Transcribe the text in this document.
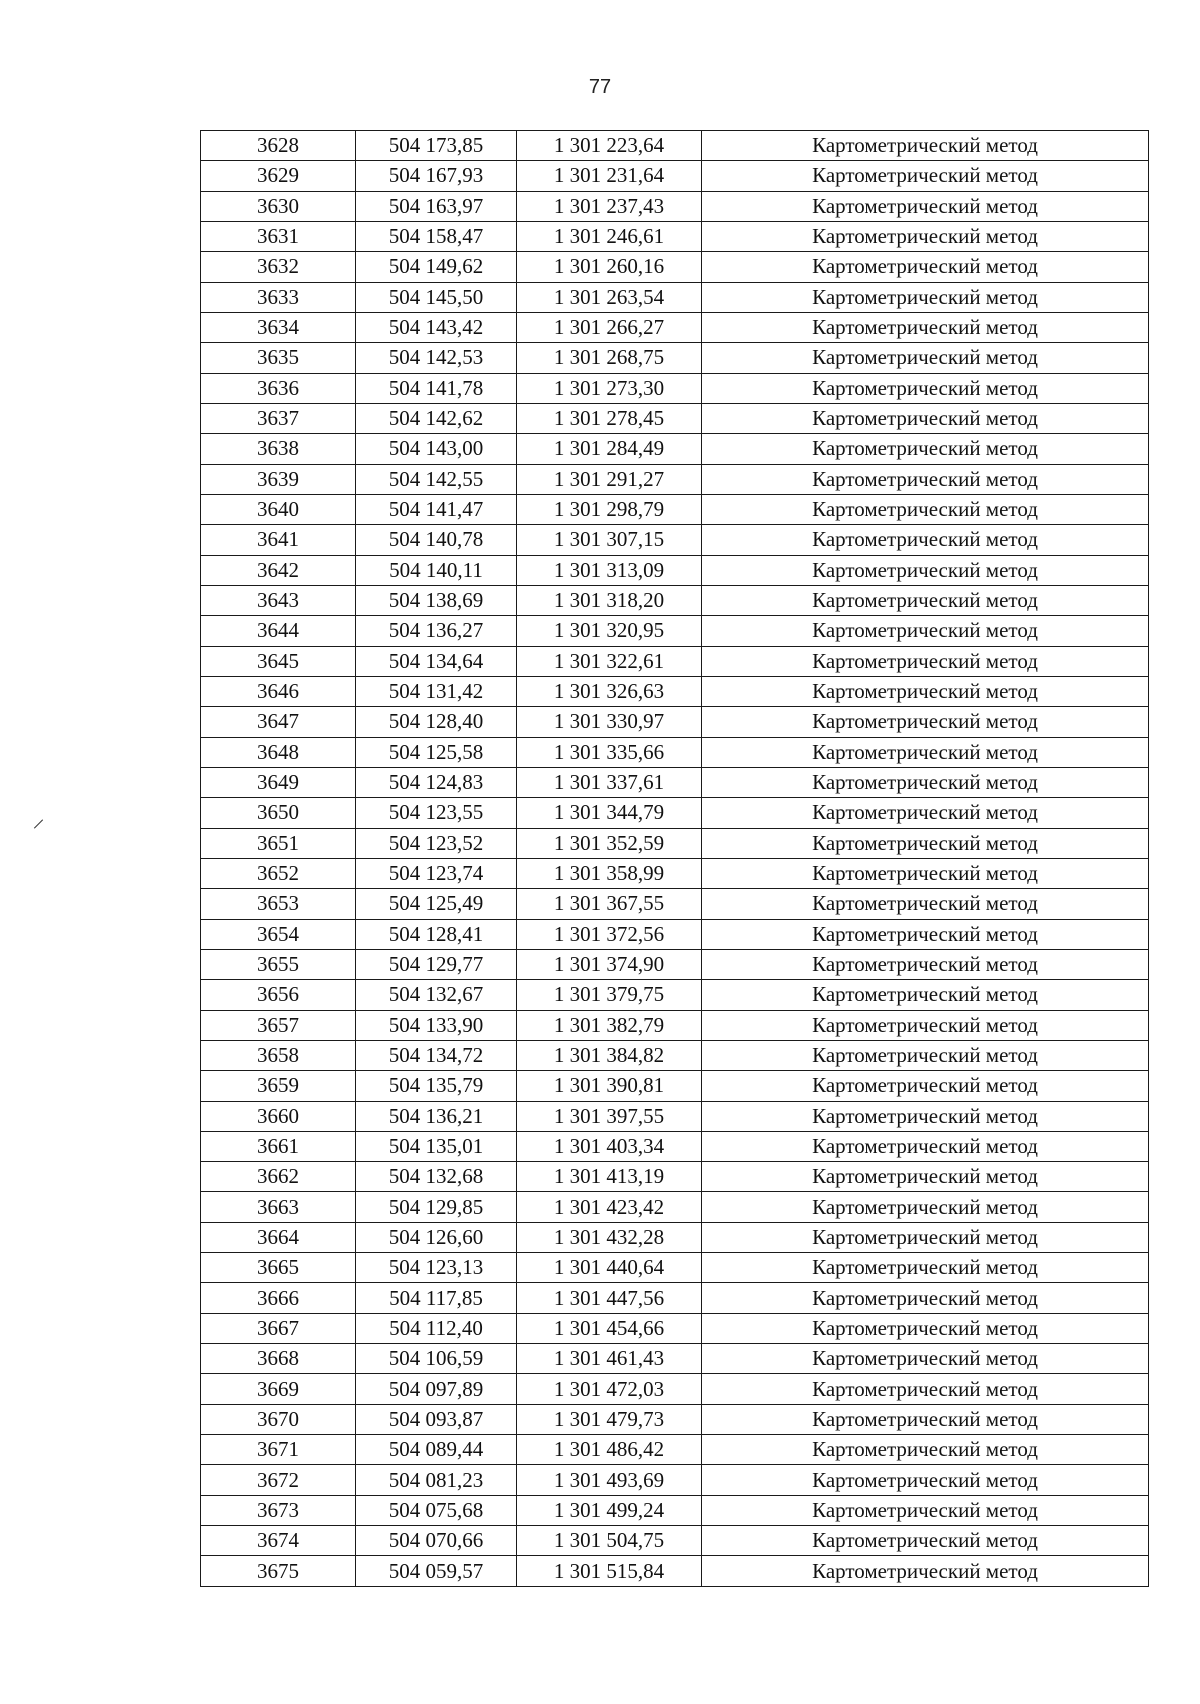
77
3628	504 173,85	1 301 223,64	Картометрический метод
3629	504 167,93	1 301 231,64	Картометрический метод
3630	504 163,97	1 301 237,43	Картометрический метод
3631	504 158,47	1 301 246,61	Картометрический метод
3632	504 149,62	1 301 260,16	Картометрический метод
3633	504 145,50	1 301 263,54	Картометрический метод
3634	504 143,42	1 301 266,27	Картометрический метод
3635	504 142,53	1 301 268,75	Картометрический метод
3636	504 141,78	1 301 273,30	Картометрический метод
3637	504 142,62	1 301 278,45	Картометрический метод
3638	504 143,00	1 301 284,49	Картометрический метод
3639	504 142,55	1 301 291,27	Картометрический метод
3640	504 141,47	1 301 298,79	Картометрический метод
3641	504 140,78	1 301 307,15	Картометрический метод
3642	504 140,11	1 301 313,09	Картометрический метод
3643	504 138,69	1 301 318,20	Картометрический метод
3644	504 136,27	1 301 320,95	Картометрический метод
3645	504 134,64	1 301 322,61	Картометрический метод
3646	504 131,42	1 301 326,63	Картометрический метод
3647	504 128,40	1 301 330,97	Картометрический метод
3648	504 125,58	1 301 335,66	Картометрический метод
3649	504 124,83	1 301 337,61	Картометрический метод
3650	504 123,55	1 301 344,79	Картометрический метод
3651	504 123,52	1 301 352,59	Картометрический метод
3652	504 123,74	1 301 358,99	Картометрический метод
3653	504 125,49	1 301 367,55	Картометрический метод
3654	504 128,41	1 301 372,56	Картометрический метод
3655	504 129,77	1 301 374,90	Картометрический метод
3656	504 132,67	1 301 379,75	Картометрический метод
3657	504 133,90	1 301 382,79	Картометрический метод
3658	504 134,72	1 301 384,82	Картометрический метод
3659	504 135,79	1 301 390,81	Картометрический метод
3660	504 136,21	1 301 397,55	Картометрический метод
3661	504 135,01	1 301 403,34	Картометрический метод
3662	504 132,68	1 301 413,19	Картометрический метод
3663	504 129,85	1 301 423,42	Картометрический метод
3664	504 126,60	1 301 432,28	Картометрический метод
3665	504 123,13	1 301 440,64	Картометрический метод
3666	504 117,85	1 301 447,56	Картометрический метод
3667	504 112,40	1 301 454,66	Картометрический метод
3668	504 106,59	1 301 461,43	Картометрический метод
3669	504 097,89	1 301 472,03	Картометрический метод
3670	504 093,87	1 301 479,73	Картометрический метод
3671	504 089,44	1 301 486,42	Картометрический метод
3672	504 081,23	1 301 493,69	Картометрический метод
3673	504 075,68	1 301 499,24	Картометрический метод
3674	504 070,66	1 301 504,75	Картометрический метод
3675	504 059,57	1 301 515,84	Картометрический метод
